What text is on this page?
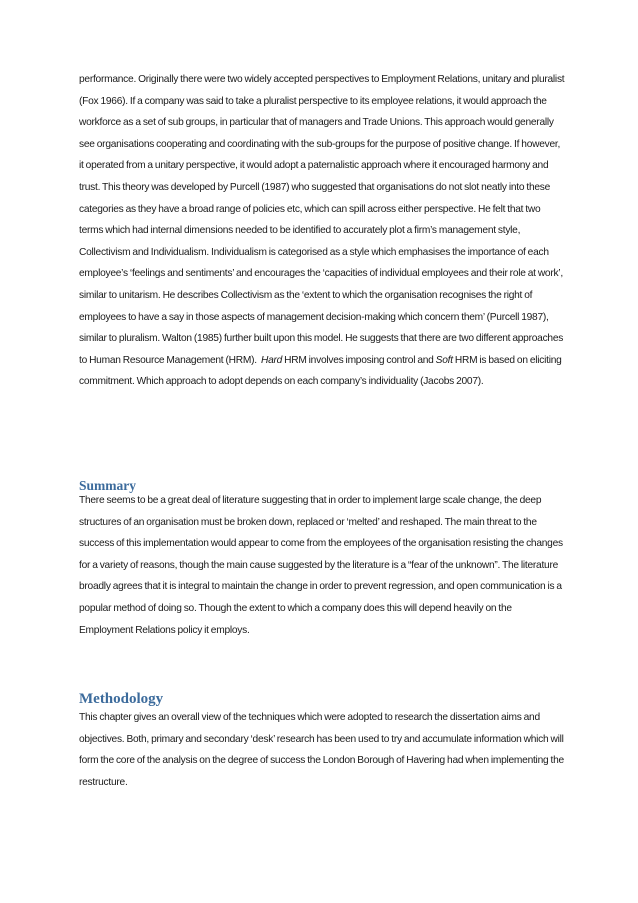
performance. Originally there were two widely accepted perspectives to Employment Relations, unitary and pluralist (Fox 1966). If a company was said to take a pluralist perspective to its employee relations, it would approach the workforce as a set of sub groups, in particular that of managers and Trade Unions. This approach would generally see organisations cooperating and coordinating with the sub-groups for the purpose of positive change. If however, it operated from a unitary perspective, it would adopt a paternalistic approach where it encouraged harmony and trust. This theory was developed by Purcell (1987) who suggested that organisations do not slot neatly into these categories as they have a broad range of policies etc, which can spill across either perspective. He felt that two terms which had internal dimensions needed to be identified to accurately plot a firm’s management style, Collectivism and Individualism. Individualism is categorised as a style which emphasises the importance of each employee’s ‘feelings and sentiments’ and encourages the ‘capacities of individual employees and their role at work’, similar to unitarism. He describes Collectivism as the ‘extent to which the organisation recognises the right of employees to have a say in those aspects of management decision-making which concern them’ (Purcell 1987), similar to pluralism. Walton (1985) further built upon this model. He suggests that there are two different approaches to Human Resource Management (HRM). Hard HRM involves imposing control and Soft HRM is based on eliciting commitment. Which approach to adopt depends on each company’s individuality (Jacobs 2007).

Summary

There seems to be a great deal of literature suggesting that in order to implement large scale change, the deep structures of an organisation must be broken down, replaced or ‘melted’ and reshaped. The main threat to the success of this implementation would appear to come from the employees of the organisation resisting the changes for a variety of reasons, though the main cause suggested by the literature is a “fear of the unknown”. The literature broadly agrees that it is integral to maintain the change in order to prevent regression, and open communication is a popular method of doing so. Though the extent to which a company does this will depend heavily on the Employment Relations policy it employs.

Methodology

This chapter gives an overall view of the techniques which were adopted to research the dissertation aims and objectives. Both, primary and secondary ‘desk’ research has been used to try and accumulate information which will form the core of the analysis on the degree of success the London Borough of Havering had when implementing the restructure.
